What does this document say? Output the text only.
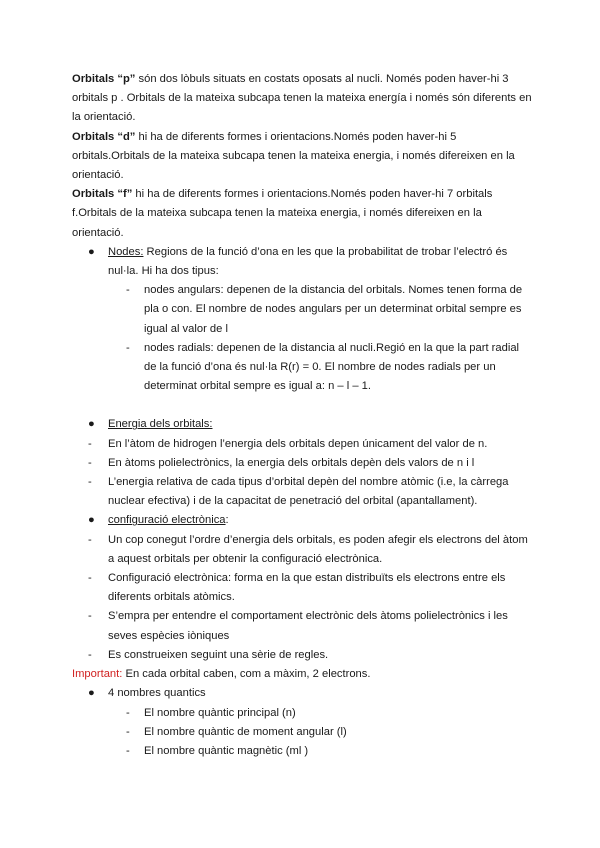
Orbitals “p” són dos lòbuls situats en costats oposats al nucli. Només poden haver-hi 3 orbitals p . Orbitals de la mateixa subcapa tenen la mateixa energía i només són diferents en la orientació.

Orbitals “d” hi ha de diferents formes i orientacions.Només poden haver-hi 5 orbitals.Orbitals de la mateixa subcapa tenen la mateixa energia, i només difereixen en la orientació.

Orbitals “f” hi ha de diferents formes i orientacions.Només poden haver-hi 7 orbitals f.Orbitals de la mateixa subcapa tenen la mateixa energia, i només difereixen en la orientació.

● Nodes: Regions de la funció d’ona en les que la probabilitat de trobar l’electró és nul·la. Hi ha dos tipus:
- nodes angulars: depenen de la distancia del orbitals. Nomes tenen forma de pla o con. El nombre de nodes angulars per un determinat orbital sempre es igual al valor de l
- nodes radials: depenen de la distancia al nucli.Regió en la que la part radial de la funció d’ona és nul·la R(r) = 0. El nombre de nodes radials per un determinat orbital sempre es igual a: n – l – 1.
● Energia dels orbitals:
- En l’àtom de hidrogen l’energia dels orbitals depen únicament del valor de n.
- En àtoms polielectrònics, la energia dels orbitals depèn dels valors de n i l
- L’energia relativa de cada tipus d’orbital depèn del nombre atòmic (i.e, la càrrega nuclear efectiva) i de la capacitat de penetració del orbital (apantallament).
● configuració electrònica:
- Un cop conegut l’ordre d’energia dels orbitals, es poden afegir els electrons del àtom a aquest orbitals per obtenir la configuració electrònica.
- Configuració electrònica: forma en la que estan distribuïts els electrons entre els diferents orbitals atòmics.
- S’empra per entendre el comportament electrònic dels àtoms polielectrònics i les seves espècies iòniques
- Es construeixen seguint una sèrie de regles.

Important: En cada orbital caben, com a màxim, 2 electrons.

● 4 nombres quantics
- El nombre quàntic principal (n)
- El nombre quàntic de moment angular (l)
- El nombre quàntic magnètic (ml )
